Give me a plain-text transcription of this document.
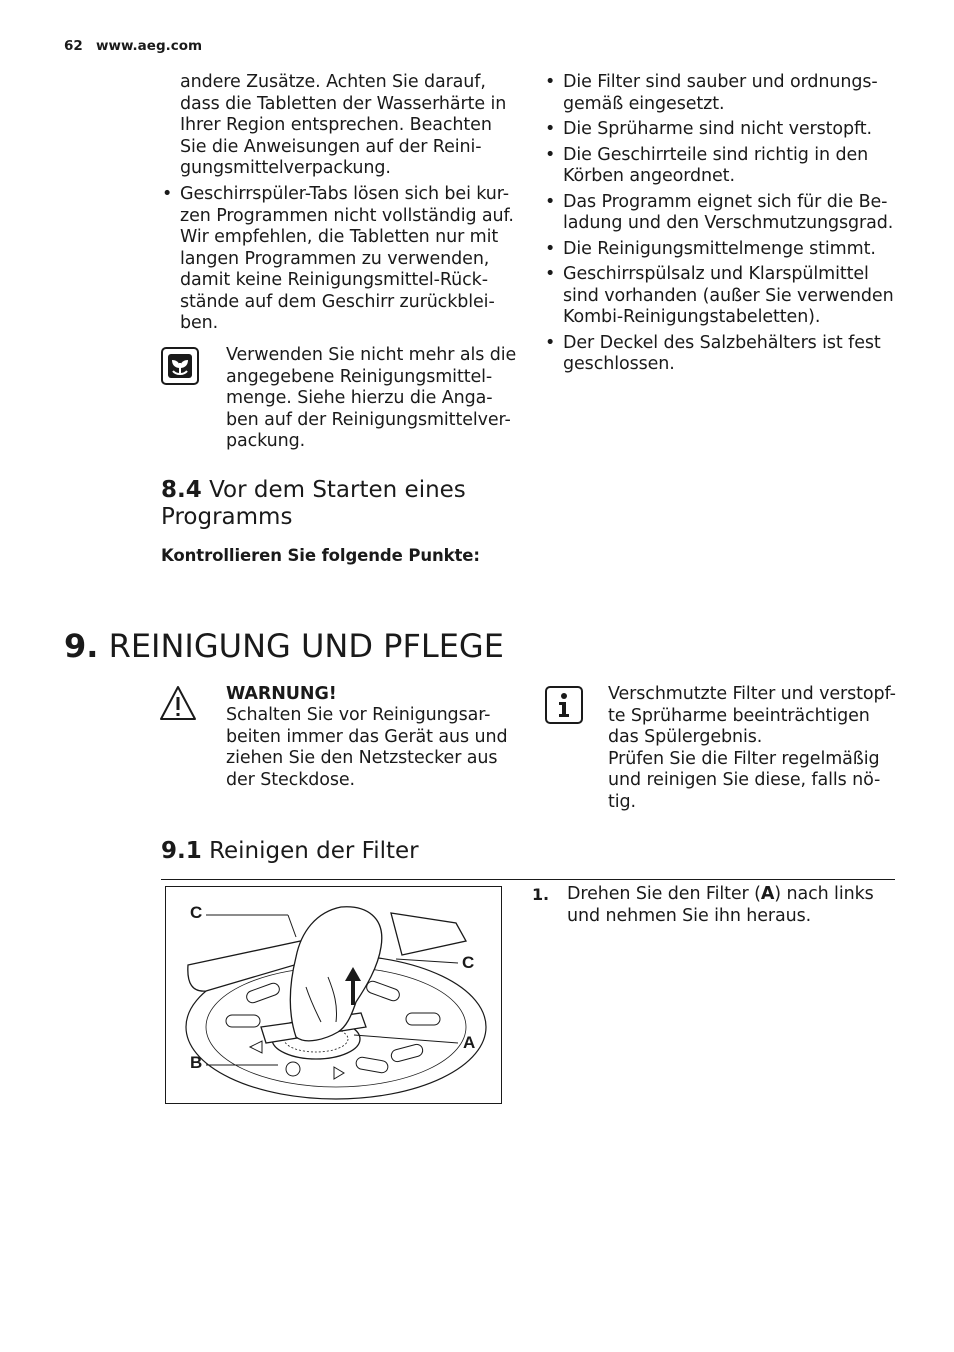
62 www.aeg.com
andere Zusätze. Achten Sie darauf, dass die Tabletten der Wasserhärte in Ihrer Region entsprechen. Beachten Sie die Anweisungen auf der Reini-gungsmittelverpackung.
• Geschirrspüler-Tabs lösen sich bei kur-zen Programmen nicht vollständig auf. Wir empfehlen, die Tabletten nur mit langen Programmen zu verwenden, damit keine Reinigungsmittel-Rück-stände auf dem Geschirr zurückblei-ben.
Verwenden Sie nicht mehr als die angegebene Reinigungsmittel-menge. Siehe hierzu die Anga-ben auf der Reinigungsmittelver-packung.
8.4 Vor dem Starten eines Programms
Kontrollieren Sie folgende Punkte:
• Die Filter sind sauber und ordnungs-gemäß eingesetzt.
• Die Sprüharme sind nicht verstopft.
• Die Geschirrteile sind richtig in den Körben angeordnet.
• Das Programm eignet sich für die Be-ladung und den Verschmutzungsgrad.
• Die Reinigungsmittelmenge stimmt.
• Geschirrspülsalz und Klarspülmittel sind vorhanden (außer Sie verwenden Kombi-Reinigungstabeletten).
• Der Deckel des Salzbehälters ist fest geschlossen.
9. REINIGUNG UND PFLEGE
WARNUNG!
Schalten Sie vor Reinigungsar-beiten immer das Gerät aus und ziehen Sie den Netzstecker aus der Steckdose.
Verschmutzte Filter und verstopf-te Sprüharme beeinträchtigen das Spülergebnis.
Prüfen Sie die Filter regelmäßig und reinigen Sie diese, falls nö-tig.
9.1 Reinigen der Filter
C
C
A
B
1. Drehen Sie den Filter (A) nach links und nehmen Sie ihn heraus.
